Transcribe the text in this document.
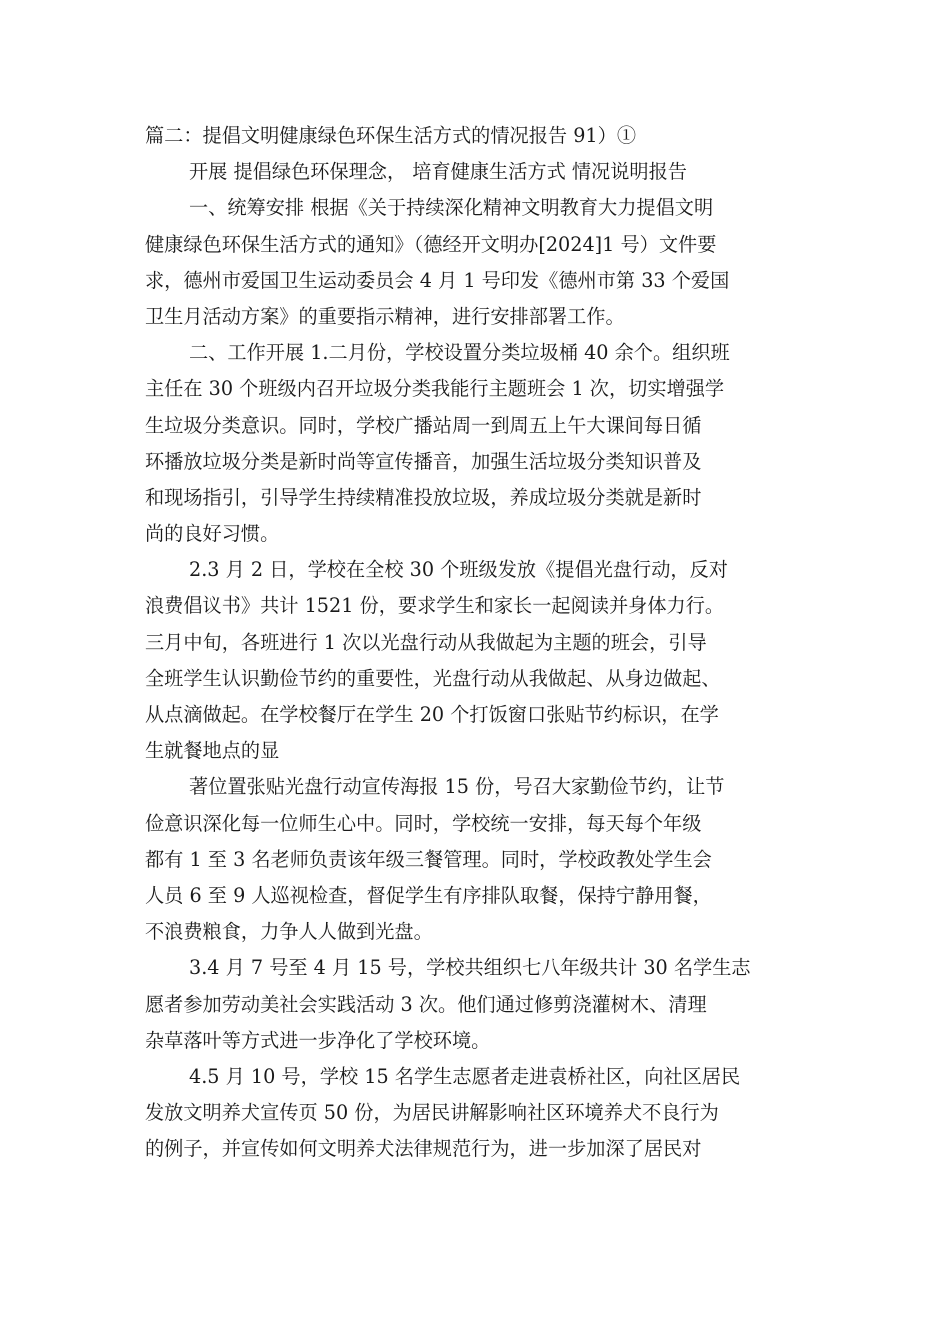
篇二：提倡文明健康绿色环保生活方式的情况报告 91）①
开展 提倡绿色环保理念， 培育健康生活方式 情况说明报告
一、统筹安排 根据《关于持续深化精神文明教育大力提倡文明
健康绿色环保生活方式的通知》（德经开文明办[2024]1 号）文件要
求，德州市爱国卫生运动委员会 4 月 1 号印发《德州市第 33 个爱国
卫生月活动方案》的重要指示精神，进行安排部署工作。
二、工作开展 1.二月份，学校设置分类垃圾桶 40 余个。组织班
主任在 30 个班级内召开垃圾分类我能行主题班会 1 次，切实增强学
生垃圾分类意识。同时，学校广播站周一到周五上午大课间每日循
环播放垃圾分类是新时尚等宣传播音，加强生活垃圾分类知识普及
和现场指引，引导学生持续精准投放垃圾，养成垃圾分类就是新时
尚的良好习惯。
2.3 月 2 日，学校在全校 30 个班级发放《提倡光盘行动，反对
浪费倡议书》共计 1521 份，要求学生和家长一起阅读并身体力行。
三月中旬，各班进行 1 次以光盘行动从我做起为主题的班会，引导
全班学生认识勤俭节约的重要性，光盘行动从我做起、从身边做起、
从点滴做起。在学校餐厅在学生 20 个打饭窗口张贴节约标识，在学
生就餐地点的显
著位置张贴光盘行动宣传海报 15 份，号召大家勤俭节约，让节
俭意识深化每一位师生心中。同时，学校统一安排，每天每个年级
都有 1 至 3 名老师负责该年级三餐管理。同时，学校政教处学生会
人员 6 至 9 人巡视检查，督促学生有序排队取餐，保持宁静用餐，
不浪费粮食，力争人人做到光盘。
3.4 月 7 号至 4 月 15 号，学校共组织七八年级共计 30 名学生志
愿者参加劳动美社会实践活动 3 次。他们通过修剪浇灌树木、清理
杂草落叶等方式进一步净化了学校环境。
4.5 月 10 号，学校 15 名学生志愿者走进袁桥社区，向社区居民
发放文明养犬宣传页 50 份，为居民讲解影响社区环境养犬不良行为
的例子，并宣传如何文明养犬法律规范行为，进一步加深了居民对
